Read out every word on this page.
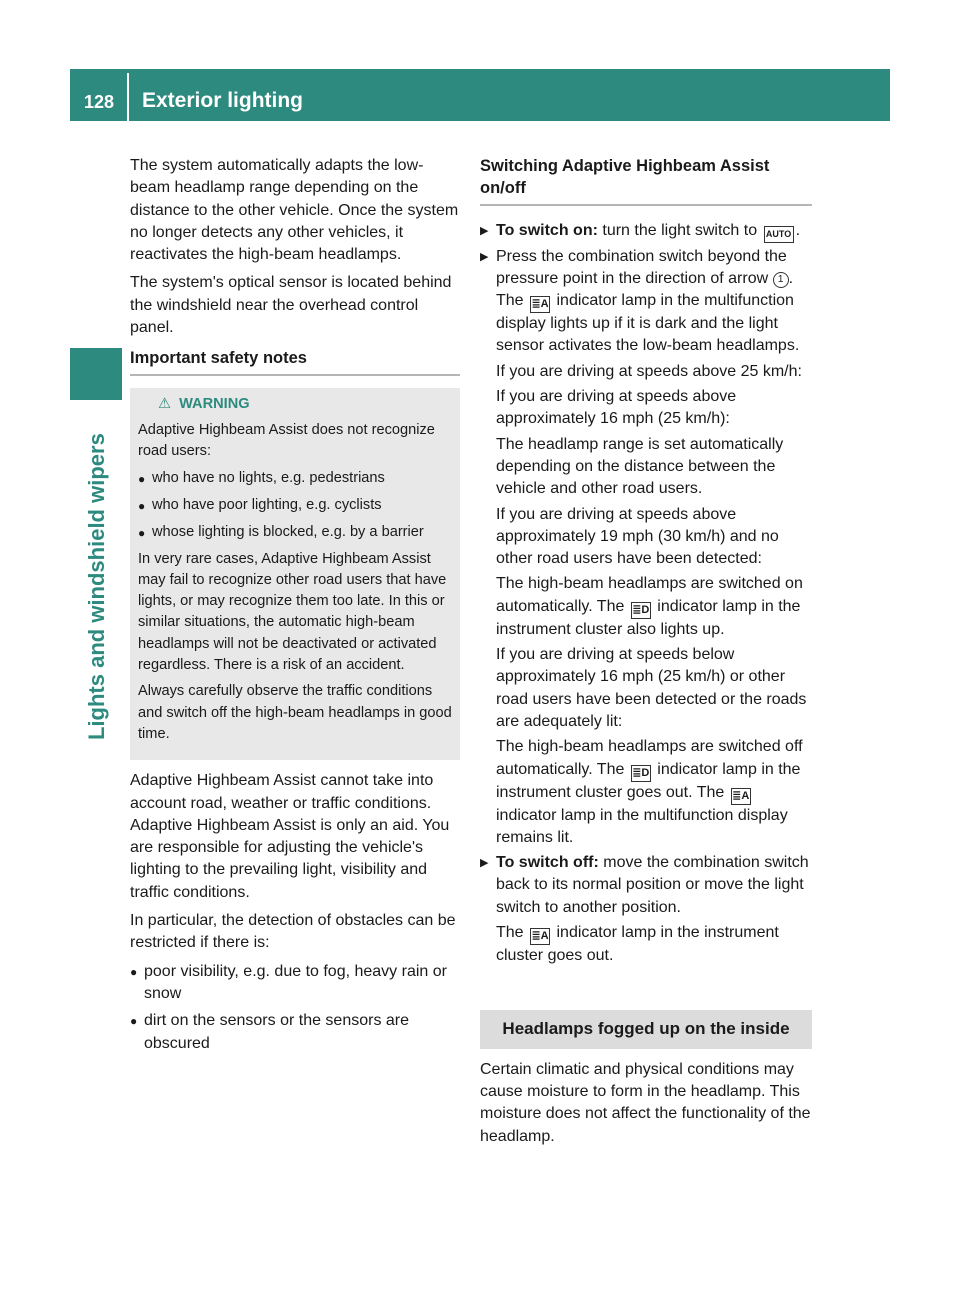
128 Exterior lighting
Lights and windshield wipers

The system automatically adapts the low-beam headlamp range depending on the distance to the other vehicle. Once the system no longer detects any other vehicles, it reactivates the high-beam headlamps.

The system's optical sensor is located behind the windshield near the overhead control panel.

Important safety notes
⚠ WARNING

Adaptive Highbeam Assist does not recognize road users:

● who have no lights, e.g. pedestrians
● who have poor lighting, e.g. cyclists
● whose lighting is blocked, e.g. by a barrier

In very rare cases, Adaptive Highbeam Assist may fail to recognize other road users that have lights, or may recognize them too late. In this or similar situations, the automatic high-beam headlamps will not be deactivated or activated regardless. There is a risk of an accident.

Always carefully observe the traffic conditions and switch off the high-beam headlamps in good time.

Adaptive Highbeam Assist cannot take into account road, weather or traffic conditions. Adaptive Highbeam Assist is only an aid. You are responsible for adjusting the vehicle's lighting to the prevailing light, visibility and traffic conditions.

In particular, the detection of obstacles can be restricted if there is:

● poor visibility, e.g. due to fog, heavy rain or snow
● dirt on the sensors or the sensors are obscured
Switching Adaptive Highbeam Assist on/off
▶ To switch on: turn the light switch to AUTO .

▶ Press the combination switch beyond the pressure point in the direction of arrow 1 . The ≣A indicator lamp in the multifunction display lights up if it is dark and the light sensor activates the low-beam headlamps.

If you are driving at speeds above 25 km/h:

If you are driving at speeds above approximately 16 mph (25 km/h):

The headlamp range is set automatically depending on the distance between the vehicle and other road users.

If you are driving at speeds above approximately 19 mph (30 km/h) and no other road users have been detected:

The high-beam headlamps are switched on automatically. The ≣D indicator lamp in the instrument cluster also lights up.

If you are driving at speeds below approximately 16 mph (25 km/h) or other road users have been detected or the roads are adequately lit:

The high-beam headlamps are switched off automatically. The ≣D indicator lamp in the instrument cluster goes out. The ≣A indicator lamp in the multifunction display remains lit.

▶ To switch off: move the combination switch back to its normal position or move the light switch to another position.

The ≣A indicator lamp in the instrument cluster goes out.

Headlamps fogged up on the inside

Certain climatic and physical conditions may cause moisture to form in the headlamp. This moisture does not affect the functionality of the headlamp.
